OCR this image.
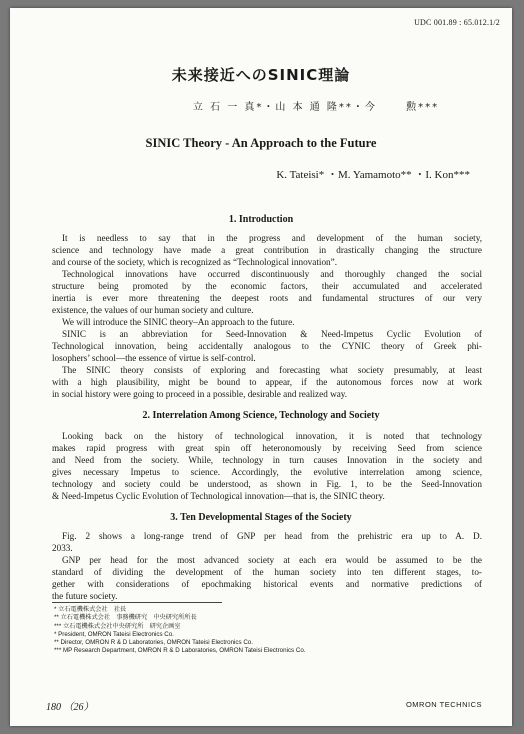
UDC 001.89 : 65.012.1/2
未来接近へのSINIC理論
立 石 一 真*・山 本 通 隆**・今 　　勲***
SINIC Theory - An Approach to the Future
K. Tateisi* ・M. Yamamoto** ・I. Kon***
1. Introduction
It is needless to say that in the progress and development of the human society,
science and technology have made a great contribution in drastically changing the structure
and course of the society, which is recognized as “Technological innovation”.
Technological innovations have occurred discontinuously and thoroughly changed the social
structure being promoted by the economic factors, their accumulated and accelerated
inertia is ever more threatening the deepest roots and fundamental structures of our very
existence, the values of our human society and culture.
We will introduce the SINIC theory–An approach to the future.
SINIC is an abbreviation for Seed-Innovation & Need-Impetus Cyclic Evolution of
Technological innovation, being accidentally analogous to the CYNIC theory of Greek phi-
losophers’ school—the essence of virtue is self-control.
The SINIC theory consists of exploring and forecasting what society presumably, at least
with a high plausibility, might be bound to appear, if the autonomous forces now at work
in social history were going to proceed in a possible, desirable and realized way.
2. Interrelation Among Science, Technology and Society
Looking back on the history of technological innovation, it is noted that technology
makes rapid progress with great spin off heteronomously by receiving Seed from science
and Need from the society. While, technology in turn causes Innovation in the society and
gives necessary Impetus to science. Accordingly, the evolutive interrelation among science,
technology and society could be understood, as shown in Fig. 1, to be the Seed-Innovation
& Need-Impetus Cyclic Evolution of Technological innovation—that is, the SINIC theory.
3. Ten Developmental Stages of the Society
Fig. 2 shows a long-range trend of GNP per head from the prehistric era up to A. D.
2033.
GNP per head for the most advanced society at each era would be assumed to be the
standard of dividing the development of the human society into ten different stages, to-
gether with considerations of epochmaking historical events and normative predictions of
the future society.
* 立石電機株式会社　社長
** 立石電機株式会社　事務機研究　中央研究所所長
*** 立石電機株式会社中央研究所　研究企画室
* President, OMRON Tateisi Electronics Co.
** Director, OMRON R & D Laboratories, OMRON Tateisi Electronics Co.
*** MP Research Department, OMRON R & D Laboratories, OMRON Tateisi Electronics Co.
180 （26）	OMRON TECHNICS
